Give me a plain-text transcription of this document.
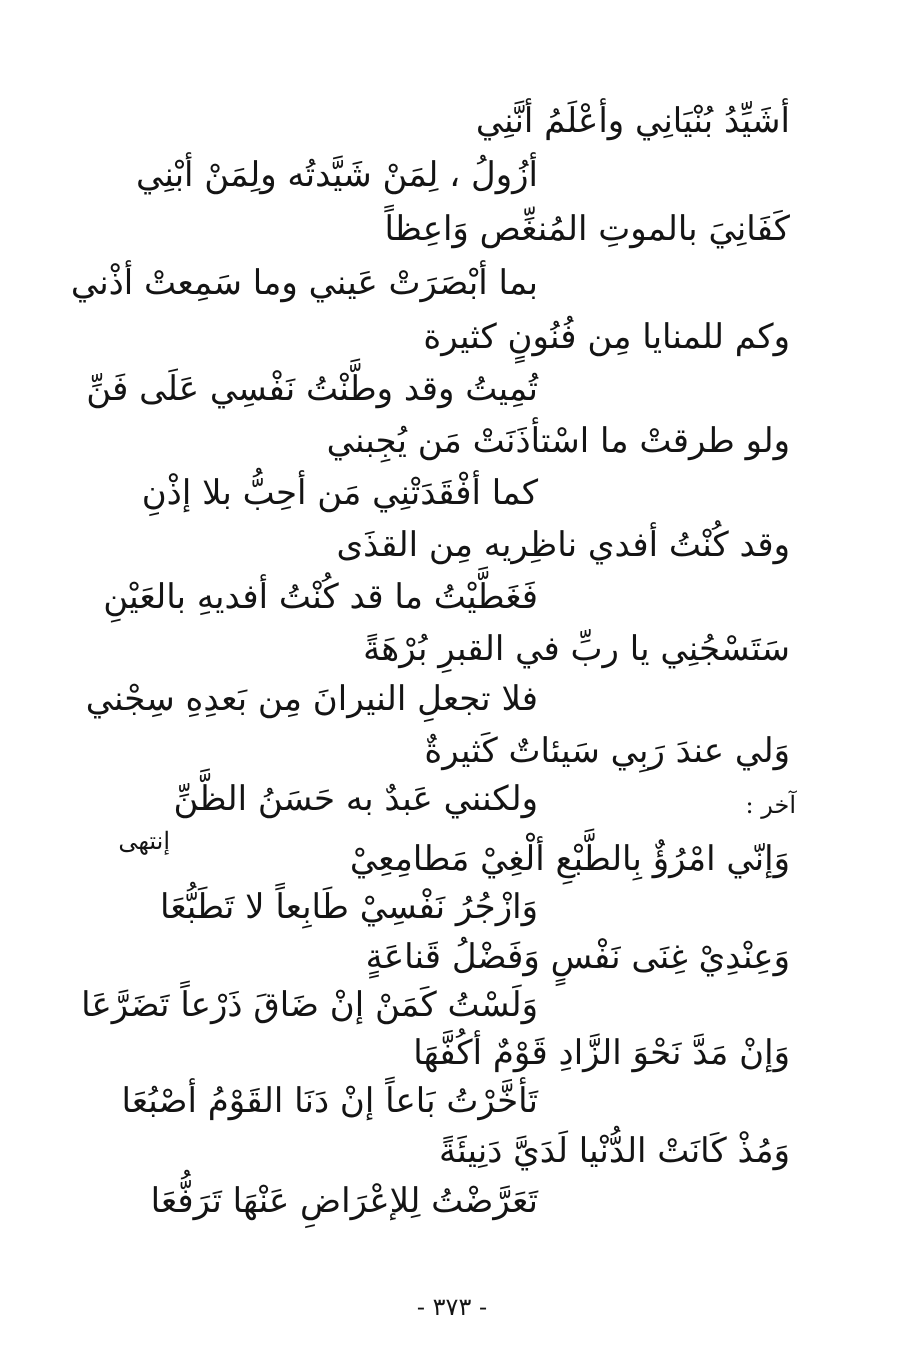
أشَيِّدُ بُنْيَانِي وأعْلَمُ أنَّنِي
أزُولُ ، لِمَنْ شَيَّدتُه ولِمَنْ أبْنِي
كَفَانِيَ بالموتِ المُنغِّص وَاعِظاً
بما أبْصَرَتْ عَيني وما سَمِعتْ أذْني
وكم للمنايا مِن فُنُونٍ كثيرة
تُمِيتُ وقد وطَّنْتُ نَفْسِي عَلَى فَنِّ
ولو طرقتْ ما اسْتأذَنَتْ مَن يُجِبني
كما أفْقَدَتْنِي مَن أحِبُّ بلا إذْنِ
وقد كُنْتُ أفدي ناظِريه مِن القذَى
فَغَطَّيْتُ ما قد كُنْتُ أفديهِ بالعَيْنِ
سَتَسْجُنِي يا ربِّ في القبرِ بُرْهَةً
فلا تجعلِ النيرانَ مِن بَعدِهِ سِجْني
وَلي عندَ رَبِي سَيئاتٌ كَثيرةٌ
ولكنني عَبدٌ به حَسَنُ الظَّنِّ	آخر :
إنتهى	وَإنّي امْرُؤٌ بِالطَّبْعِ ألْغِيْ مَطامِعِيْ
وَازْجُرُ نَفْسِيْ طَابِعاً لا تَطَبُّعَا
وَعِنْدِيْ غِنَى نَفْسٍ وَفَضْلُ قَناعَةٍ
وَلَسْتُ كَمَنْ إنْ ضَاقَ ذَرْعاً تَضَرَّعَا
وَإنْ مَدَّ نَحْوَ الزَّادِ قَوْمٌ أكُفَّهَا
تَأخَّرْتُ بَاعاً إنْ دَنَا القَوْمُ أصْبُعَا
وَمُذْ كَانَتْ الدُّنْيا لَدَيَّ دَنِيئَةً
تَعَرَّضْتُ لِلإعْرَاضِ عَنْهَا تَرَفُّعَا
- ٣٧٣ -
